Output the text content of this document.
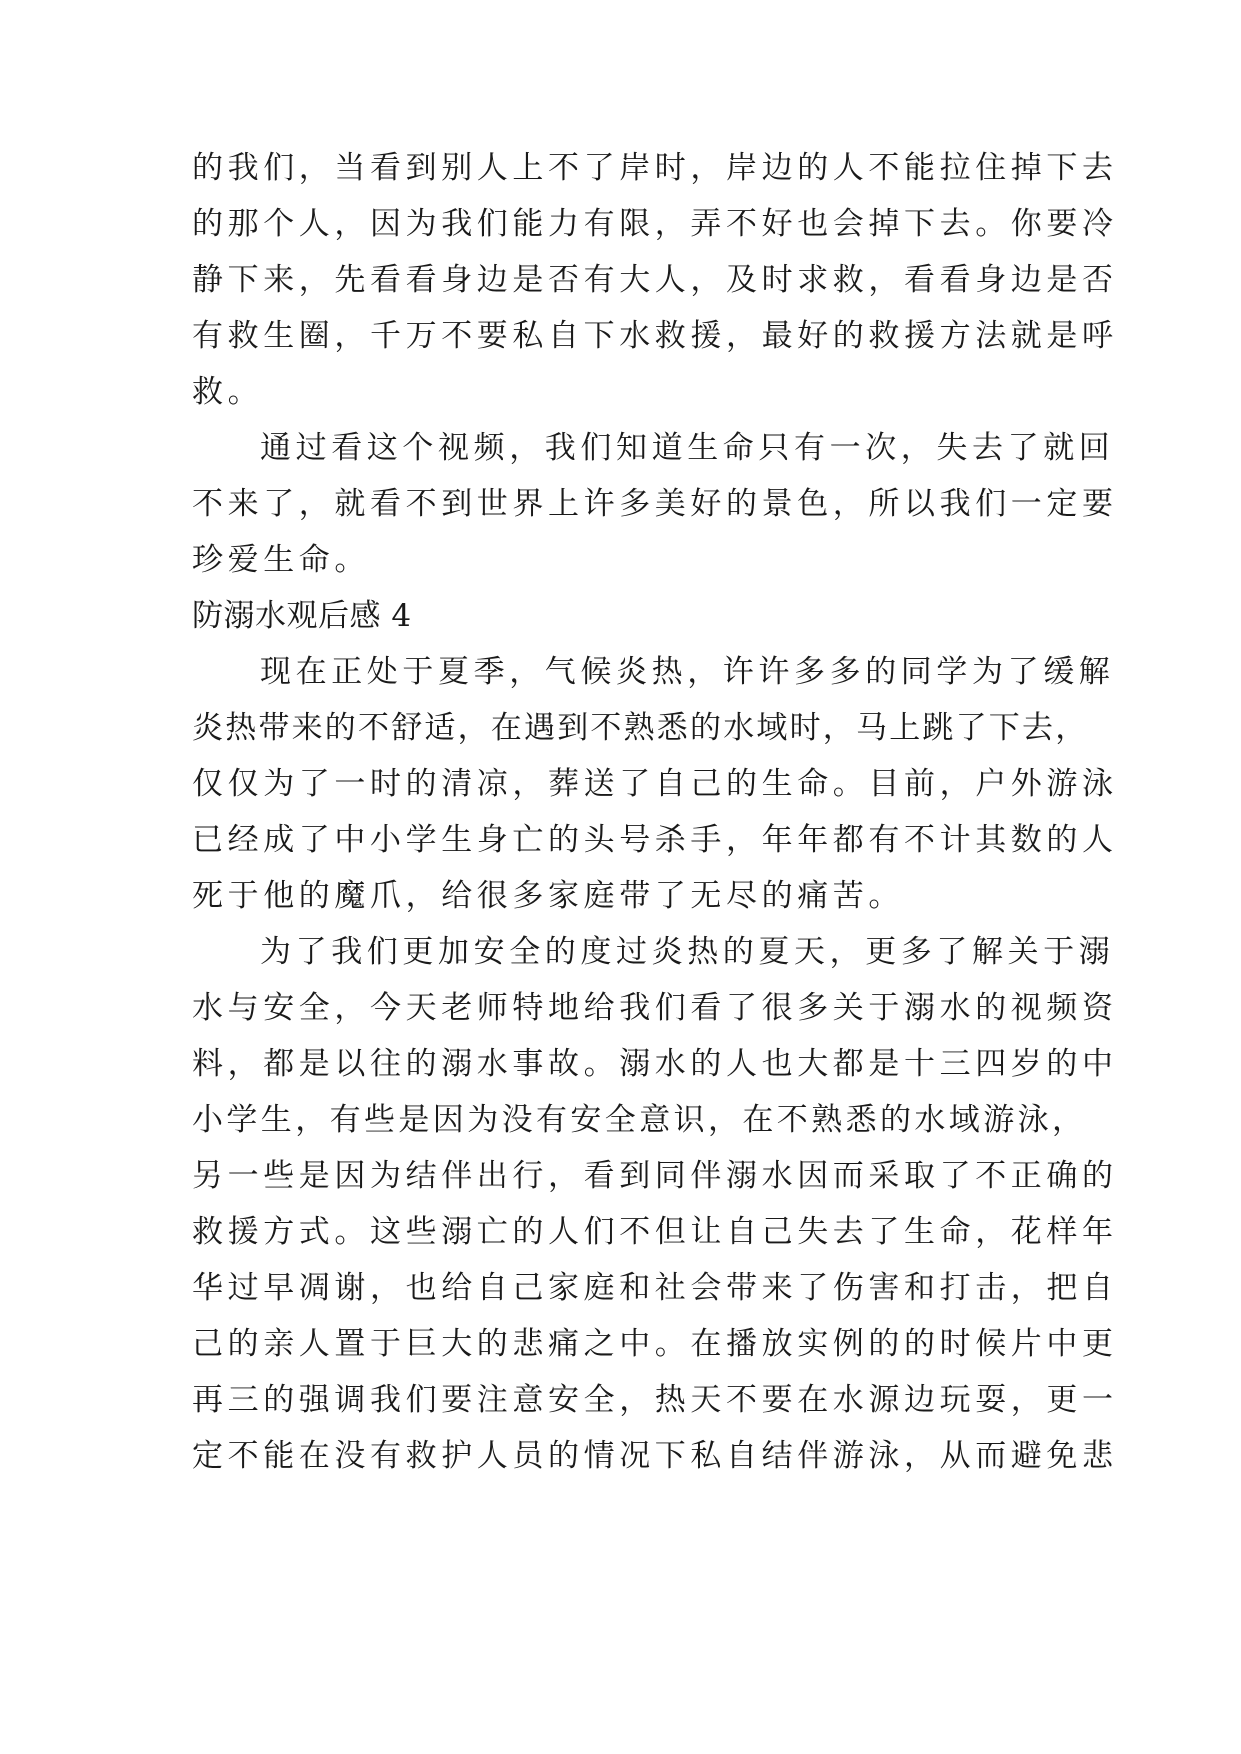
的我们，当看到别人上不了岸时，岸边的人不能拉住掉下去
的那个人，因为我们能力有限，弄不好也会掉下去。你要冷
静下来，先看看身边是否有大人，及时求救，看看身边是否
有救生圈，千万不要私自下水救援，最好的救援方法就是呼
救。
通过看这个视频，我们知道生命只有一次，失去了就回
不来了，就看不到世界上许多美好的景色，所以我们一定要
珍爱生命。
防溺水观后感 4
现在正处于夏季，气候炎热，许许多多的同学为了缓解
炎热带来的不舒适，在遇到不熟悉的水域时，马上跳了下去，
仅仅为了一时的清凉，葬送了自己的生命。目前，户外游泳
已经成了中小学生身亡的头号杀手，年年都有不计其数的人
死于他的魔爪，给很多家庭带了无尽的痛苦。
为了我们更加安全的度过炎热的夏天，更多了解关于溺
水与安全，今天老师特地给我们看了很多关于溺水的视频资
料，都是以往的溺水事故。溺水的人也大都是十三四岁的中
小学生，有些是因为没有安全意识，在不熟悉的水域游泳，
另一些是因为结伴出行，看到同伴溺水因而采取了不正确的
救援方式。这些溺亡的人们不但让自己失去了生命，花样年
华过早凋谢，也给自己家庭和社会带来了伤害和打击，把自
己的亲人置于巨大的悲痛之中。在播放实例的的时候片中更
再三的强调我们要注意安全，热天不要在水源边玩耍，更一
定不能在没有救护人员的情况下私自结伴游泳，从而避免悲
